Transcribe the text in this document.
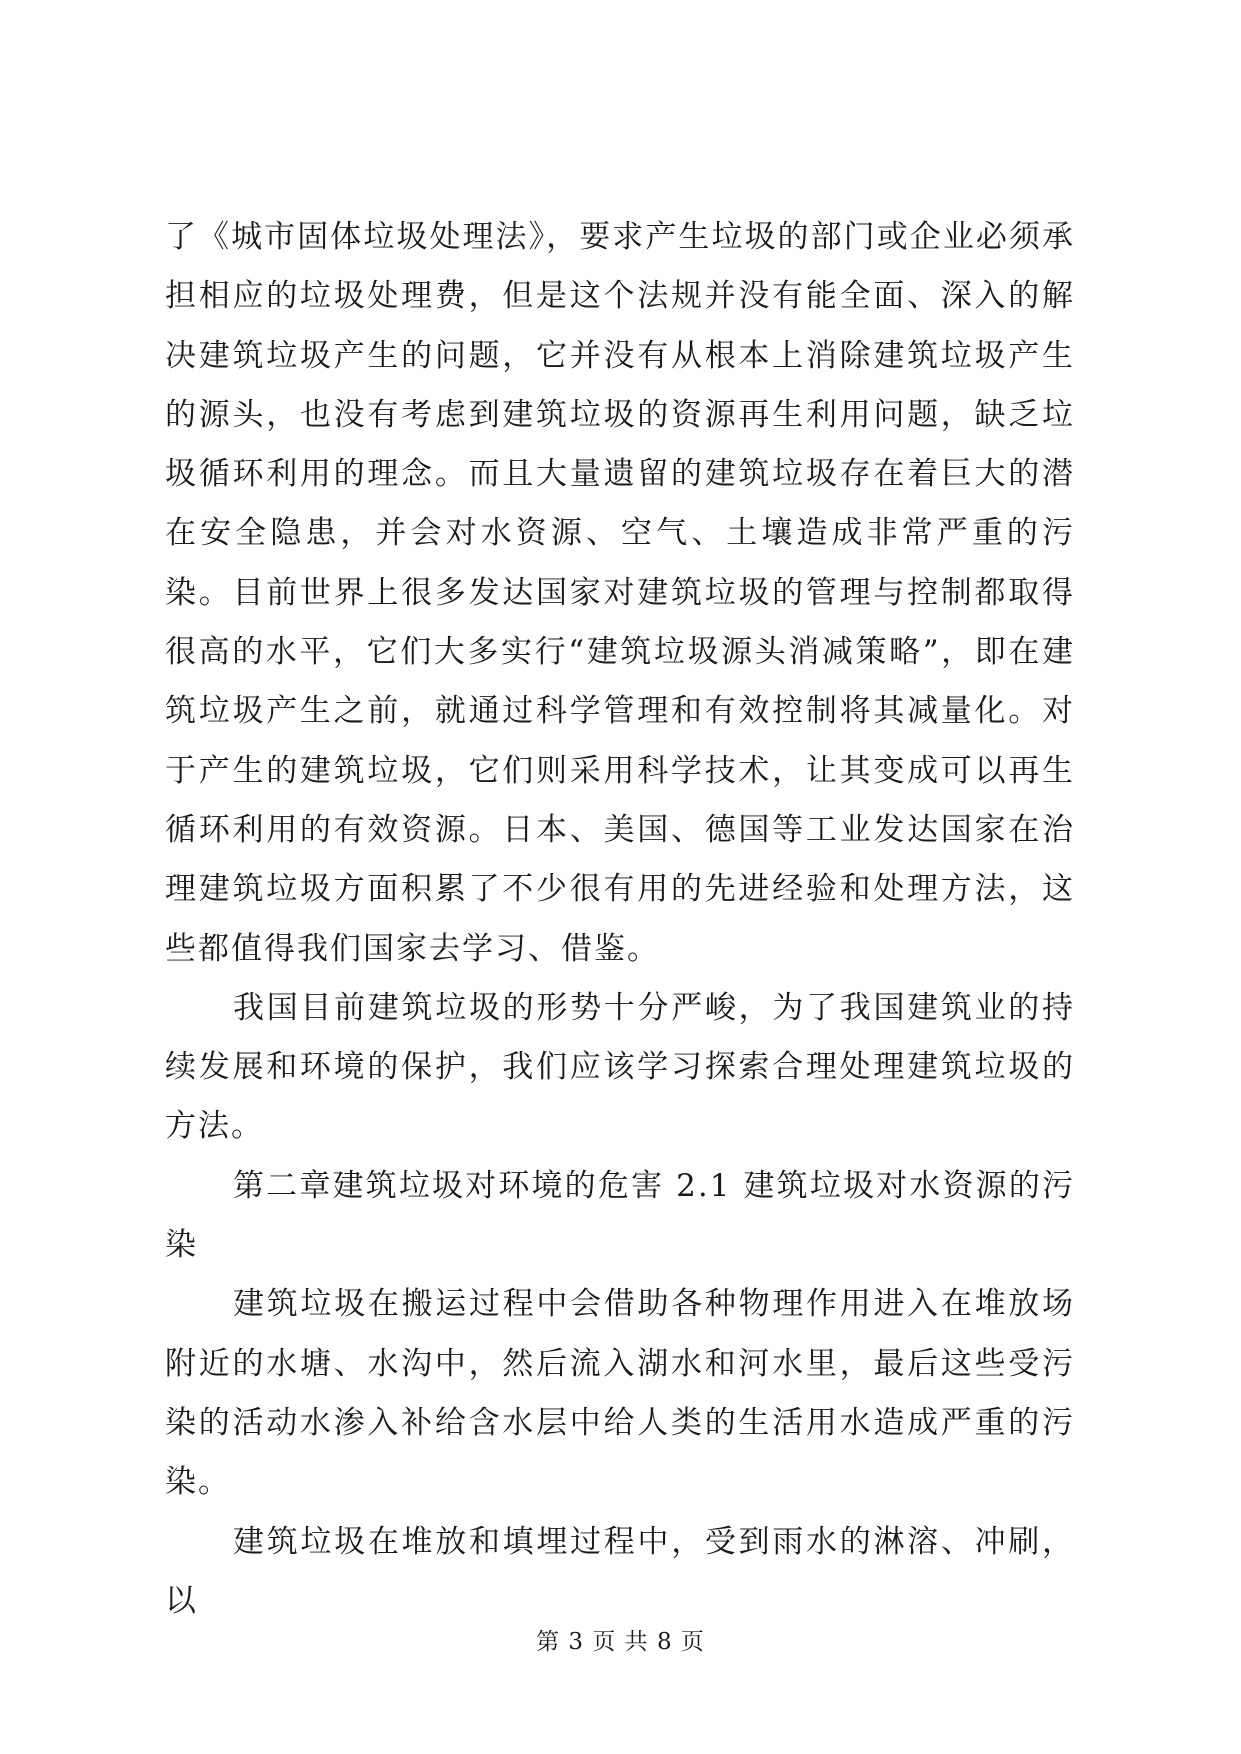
了《城市固体垃圾处理法》，要求产生垃圾的部门或企业必须承担相应的垃圾处理费，但是这个法规并没有能全面、深入的解决建筑垃圾产生的问题，它并没有从根本上消除建筑垃圾产生的源头，也没有考虑到建筑垃圾的资源再生利用问题，缺乏垃圾循环利用的理念。而且大量遗留的建筑垃圾存在着巨大的潜在安全隐患，并会对水资源、空气、土壤造成非常严重的污染。目前世界上很多发达国家对建筑垃圾的管理与控制都取得很高的水平，它们大多实行“建筑垃圾源头消减策略”，即在建筑垃圾产生之前，就通过科学管理和有效控制将其减量化。对于产生的建筑垃圾，它们则采用科学技术，让其变成可以再生循环利用的有效资源。日本、美国、德国等工业发达国家在治理建筑垃圾方面积累了不少很有用的先进经验和处理方法，这些都值得我们国家去学习、借鉴。

我国目前建筑垃圾的形势十分严峻，为了我国建筑业的持续发展和环境的保护，我们应该学习探索合理处理建筑垃圾的方法。

第二章建筑垃圾对环境的危害 2.1 建筑垃圾对水资源的污染

建筑垃圾在搬运过程中会借助各种物理作用进入在堆放场附近的水塘、水沟中，然后流入湖水和河水里，最后这些受污染的活动水渗入补给含水层中给人类的生活用水造成严重的污染。

建筑垃圾在堆放和填埋过程中，受到雨水的淋溶、冲刷，以

第 3 页 共 8 页
